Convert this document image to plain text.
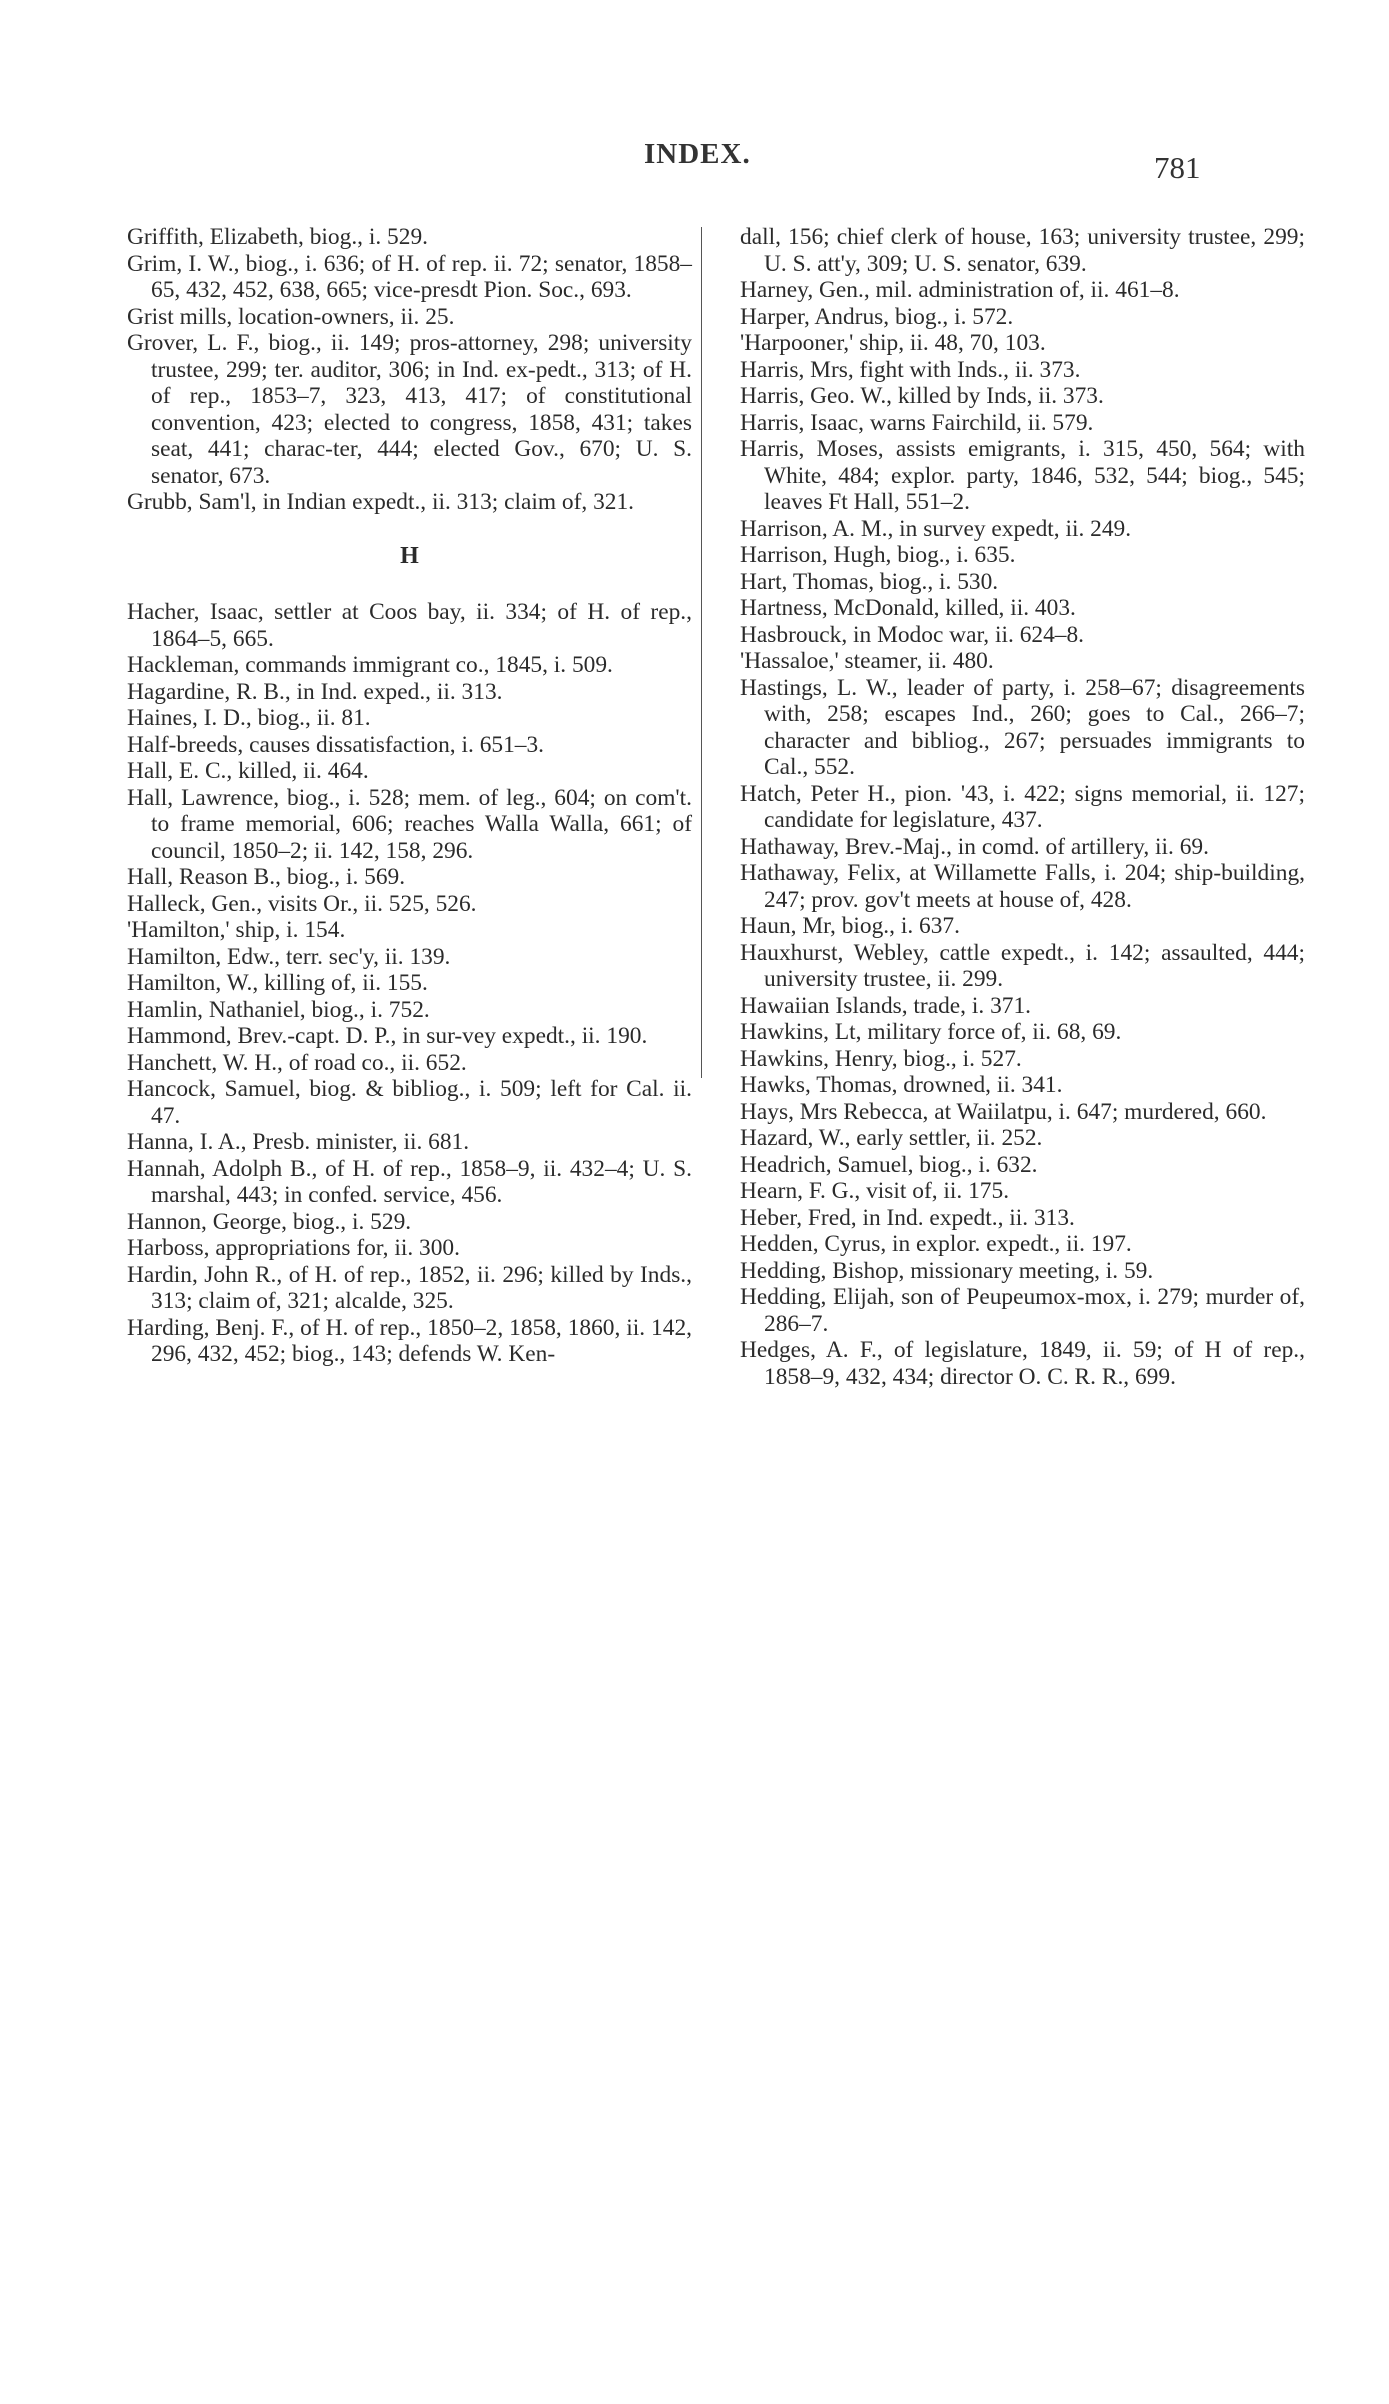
INDEX.	781

Griffith, Elizabeth, biog., i. 529.

Grim, I. W., biog., i. 636; of H. of rep. ii. 72; senator, 1858–65, 432, 452, 638, 665; vice-presdt Pion. Soc., 693.

Grist mills, location-owners, ii. 25.

Grover, L. F., biog., ii. 149; pros-attorney, 298; university trustee, 299; ter. auditor, 306; in Ind. ex-pedt., 313; of H. of rep., 1853–7, 323, 413, 417; of constitutional convention, 423; elected to congress, 1858, 431; takes seat, 441; charac-ter, 444; elected Gov., 670; U. S. senator, 673.

Grubb, Sam'l, in Indian expedt., ii. 313; claim of, 321.

H

Hacher, Isaac, settler at Coos bay, ii. 334; of H. of rep., 1864–5, 665.

Hackleman, commands immigrant co., 1845, i. 509.

Hagardine, R. B., in Ind. exped., ii. 313.

Haines, I. D., biog., ii. 81.

Half-breeds, causes dissatisfaction, i. 651–3.

Hall, E. C., killed, ii. 464.

Hall, Lawrence, biog., i. 528; mem. of leg., 604; on com't. to frame memorial, 606; reaches Walla Walla, 661; of council, 1850–2; ii. 142, 158, 296.

Hall, Reason B., biog., i. 569.

Halleck, Gen., visits Or., ii. 525, 526.

'Hamilton,' ship, i. 154.

Hamilton, Edw., terr. sec'y, ii. 139.

Hamilton, W., killing of, ii. 155.

Hamlin, Nathaniel, biog., i. 752.

Hammond, Brev.-capt. D. P., in sur-vey expedt., ii. 190.

Hanchett, W. H., of road co., ii. 652.

Hancock, Samuel, biog. & bibliog., i. 509; left for Cal. ii. 47.

Hanna, I. A., Presb. minister, ii. 681.

Hannah, Adolph B., of H. of rep., 1858–9, ii. 432–4; U. S. marshal, 443; in confed. service, 456.

Hannon, George, biog., i. 529.

Harboss, appropriations for, ii. 300.

Hardin, John R., of H. of rep., 1852, ii. 296; killed by Inds., 313; claim of, 321; alcalde, 325.

Harding, Benj. F., of H. of rep., 1850–2, 1858, 1860, ii. 142, 296, 432, 452; biog., 143; defends W. Ken-

dall, 156; chief clerk of house, 163; university trustee, 299; U. S. att'y, 309; U. S. senator, 639.

Harney, Gen., mil. administration of, ii. 461–8.

Harper, Andrus, biog., i. 572.

'Harpooner,' ship, ii. 48, 70, 103.

Harris, Mrs, fight with Inds., ii. 373.

Harris, Geo. W., killed by Inds, ii. 373.

Harris, Isaac, warns Fairchild, ii. 579.

Harris, Moses, assists emigrants, i. 315, 450, 564; with White, 484; explor. party, 1846, 532, 544; biog., 545; leaves Ft Hall, 551–2.

Harrison, A. M., in survey expedt, ii. 249.

Harrison, Hugh, biog., i. 635.

Hart, Thomas, biog., i. 530.

Hartness, McDonald, killed, ii. 403.

Hasbrouck, in Modoc war, ii. 624–8.

'Hassaloe,' steamer, ii. 480.

Hastings, L. W., leader of party, i. 258–67; disagreements with, 258; escapes Ind., 260; goes to Cal., 266–7; character and bibliog., 267; persuades immigrants to Cal., 552.

Hatch, Peter H., pion. '43, i. 422; signs memorial, ii. 127; candidate for legislature, 437.

Hathaway, Brev.-Maj., in comd. of artillery, ii. 69.

Hathaway, Felix, at Willamette Falls, i. 204; ship-building, 247; prov. gov't meets at house of, 428.

Haun, Mr, biog., i. 637.

Hauxhurst, Webley, cattle expedt., i. 142; assaulted, 444; university trustee, ii. 299.

Hawaiian Islands, trade, i. 371.

Hawkins, Lt, military force of, ii. 68, 69.

Hawkins, Henry, biog., i. 527.

Hawks, Thomas, drowned, ii. 341.

Hays, Mrs Rebecca, at Waiilatpu, i. 647; murdered, 660.

Hazard, W., early settler, ii. 252.

Headrich, Samuel, biog., i. 632.

Hearn, F. G., visit of, ii. 175.

Heber, Fred, in Ind. expedt., ii. 313.

Hedden, Cyrus, in explor. expedt., ii. 197.

Hedding, Bishop, missionary meeting, i. 59.

Hedding, Elijah, son of Peupeumox-mox, i. 279; murder of, 286–7.

Hedges, A. F., of legislature, 1849, ii. 59; of H of rep., 1858–9, 432, 434; director O. C. R. R., 699.
